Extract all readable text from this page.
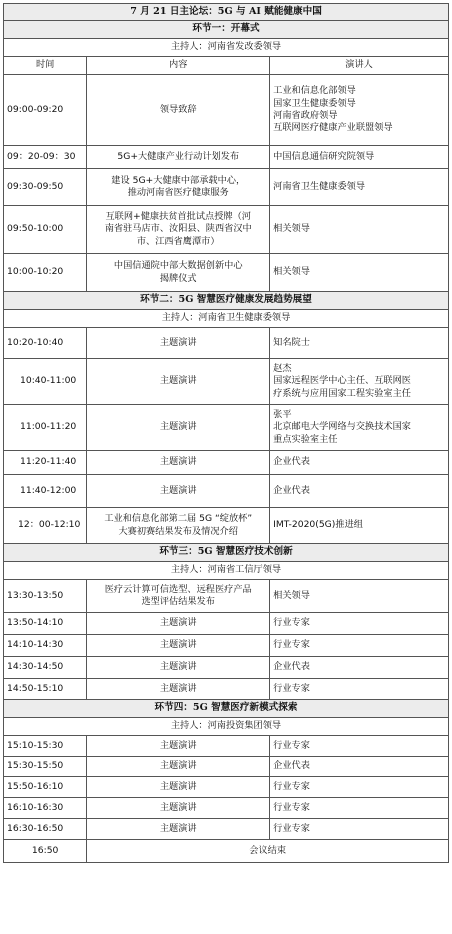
7 月 21 日主论坛：5G 与 AI 赋能健康中国		
环节一：开幕式		
主持人：河南省发改委领导		
时间	内容	演讲人
09:00-09:20	领导致辞	工业和信息化部领导
国家卫生健康委领导
河南省政府领导
互联网医疗健康产业联盟领导

09：20-09：30	5G+大健康产业行动计划发布	中国信息通信研究院领导

09:30-09:50	建设 5G+大健康中部承载中心，
推动河南省医疗健康服务	河南省卫生健康委领导

09:50-10:00	互联网+健康扶贫首批试点授牌（河
南省驻马店市、汝阳县、陕西省汉中
市、江西省鹰潭市）	相关领导

10:00-10:20	中国信通院中部大数据创新中心
揭牌仪式	相关领导

环节二：5G 智慧医疗健康发展趋势展望		
主持人：河南省卫生健康委领导		
10:20-10:40	主题演讲	知名院士

10:40-11:00	主题演讲	赵杰
国家远程医学中心主任、互联网医
疗系统与应用国家工程实验室主任

11:00-11:20	主题演讲	张平
北京邮电大学网络与交换技术国家
重点实验室主任

11:20-11:40	主题演讲	企业代表

11:40-12:00	主题演讲	企业代表

12：00-12:10	工业和信息化部第二届 5G “绽放杯”
大赛初赛结果发布及情况介绍	IMT-2020(5G)推进组

环节三：5G 智慧医疗技术创新		
主持人：河南省工信厅领导		
13:30-13:50	医疗云计算可信选型、远程医疗产品
选型评估结果发布	相关领导

13:50-14:10	主题演讲	行业专家

14:10-14:30	主题演讲	行业专家

14:30-14:50	主题演讲	企业代表

14:50-15:10	主题演讲	行业专家

环节四：5G 智慧医疗新模式探索		
主持人：河南投资集团领导		
15:10-15:30	主题演讲	行业专家

15:30-15:50	主题演讲	企业代表

15:50-16:10	主题演讲	行业专家

16:10-16:30	主题演讲	行业专家

16:30-16:50	主题演讲	行业专家

16:50	会议结束	
